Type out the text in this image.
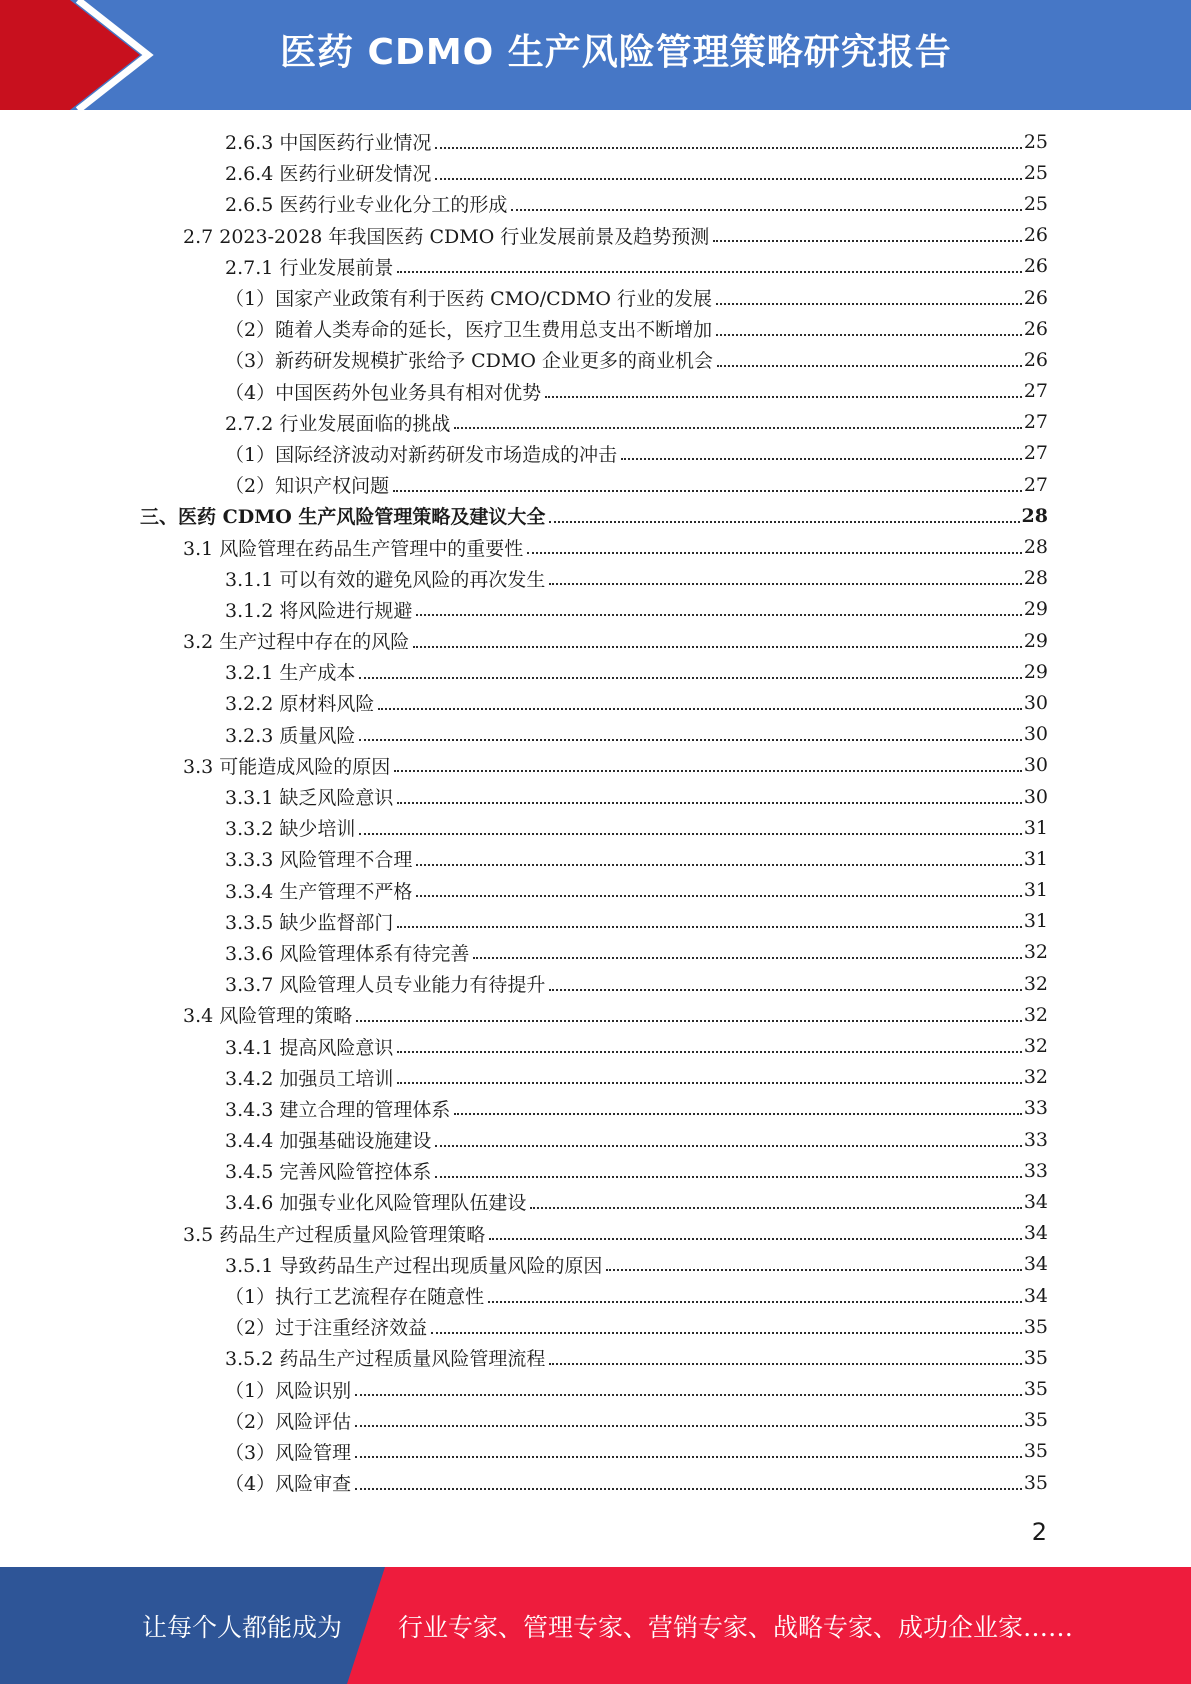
医药 CDMO 生产风险管理策略研究报告
2.6.3 中国医药行业情况	25
2.6.4 医药行业研发情况	25
2.6.5 医药行业专业化分工的形成	25
2.7 2023-2028 年我国医药 CDMO 行业发展前景及趋势预测	26
2.7.1 行业发展前景	26
（1）国家产业政策有利于医药 CMO/CDMO 行业的发展	26
（2）随着人类寿命的延长，医疗卫生费用总支出不断增加	26
（3）新药研发规模扩张给予 CDMO 企业更多的商业机会	26
（4）中国医药外包业务具有相对优势	27
2.7.2 行业发展面临的挑战	27
（1）国际经济波动对新药研发市场造成的冲击	27
（2）知识产权问题	27
三、医药 CDMO 生产风险管理策略及建议大全	28
3.1 风险管理在药品生产管理中的重要性	28
3.1.1 可以有效的避免风险的再次发生	28
3.1.2 将风险进行规避	29
3.2 生产过程中存在的风险	29
3.2.1 生产成本	29
3.2.2 原材料风险	30
3.2.3 质量风险	30
3.3 可能造成风险的原因	30
3.3.1 缺乏风险意识	30
3.3.2 缺少培训	31
3.3.3 风险管理不合理	31
3.3.4 生产管理不严格	31
3.3.5 缺少监督部门	31
3.3.6 风险管理体系有待完善	32
3.3.7 风险管理人员专业能力有待提升	32
3.4 风险管理的策略	32
3.4.1 提高风险意识	32
3.4.2 加强员工培训	32
3.4.3 建立合理的管理体系	33
3.4.4 加强基础设施建设	33
3.4.5 完善风险管控体系	33
3.4.6 加强专业化风险管理队伍建设	34
3.5 药品生产过程质量风险管理策略	34
3.5.1 导致药品生产过程出现质量风险的原因	34
（1）执行工艺流程存在随意性	34
（2）过于注重经济效益	35
3.5.2 药品生产过程质量风险管理流程	35
（1）风险识别	35
（2）风险评估	35
（3）风险管理	35
（4）风险审查	35
2
让每个人都能成为 行业专家、管理专家、营销专家、战略专家、成功企业家……
